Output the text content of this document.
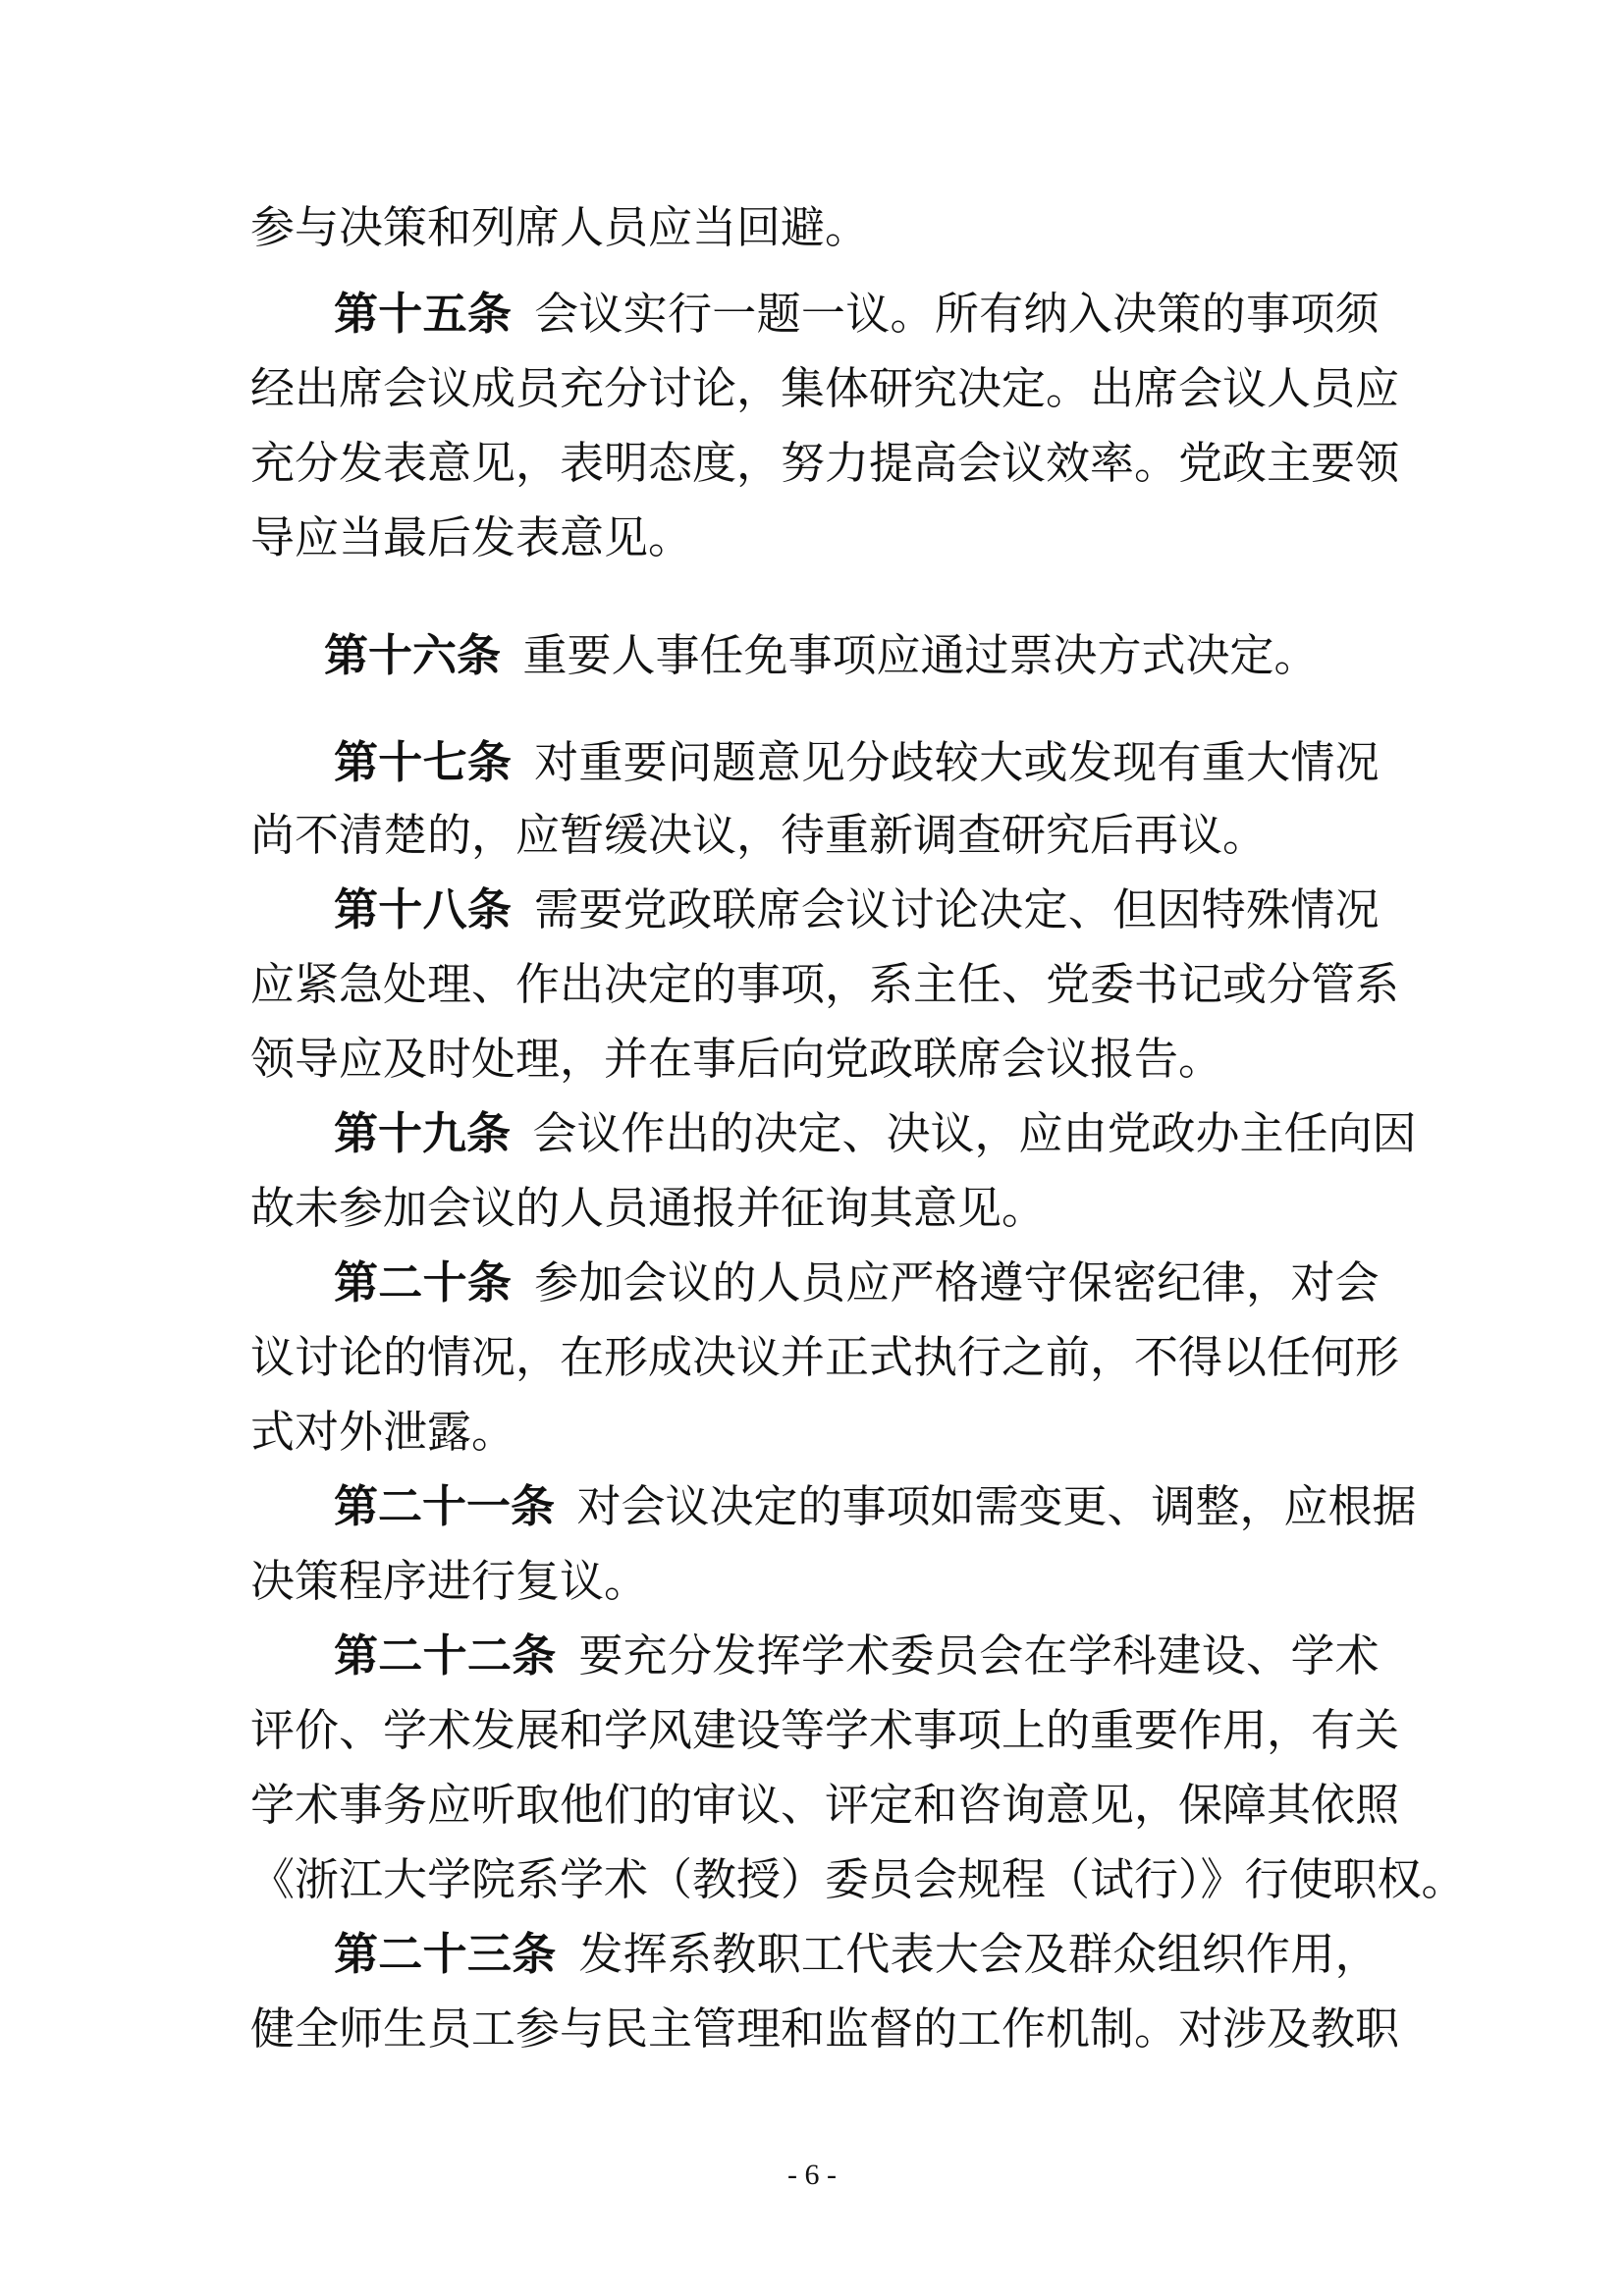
参与决策和列席人员应当回避。
第十五条  会议实行一题一议。所有纳入决策的事项须
经出席会议成员充分讨论，集体研究决定。出席会议人员应
充分发表意见，表明态度，努力提高会议效率。党政主要领
导应当最后发表意见。
第十六条  重要人事任免事项应通过票决方式决定。
第十七条  对重要问题意见分歧较大或发现有重大情况
尚不清楚的，应暂缓决议，待重新调查研究后再议。
第十八条  需要党政联席会议讨论决定、但因特殊情况
应紧急处理、作出决定的事项，系主任、党委书记或分管系
领导应及时处理，并在事后向党政联席会议报告。
第十九条  会议作出的决定、决议，应由党政办主任向因
故未参加会议的人员通报并征询其意见。
第二十条  参加会议的人员应严格遵守保密纪律，对会
议讨论的情况，在形成决议并正式执行之前，不得以任何形
式对外泄露。
第二十一条  对会议决定的事项如需变更、调整，应根据
决策程序进行复议。
第二十二条  要充分发挥学术委员会在学科建设、学术
评价、学术发展和学风建设等学术事项上的重要作用，有关
学术事务应听取他们的审议、评定和咨询意见，保障其依照
《浙江大学院系学术（教授）委员会规程（试行）》行使职权。
第二十三条  发挥系教职工代表大会及群众组织作用，
健全师生员工参与民主管理和监督的工作机制。对涉及教职
- 6 -
